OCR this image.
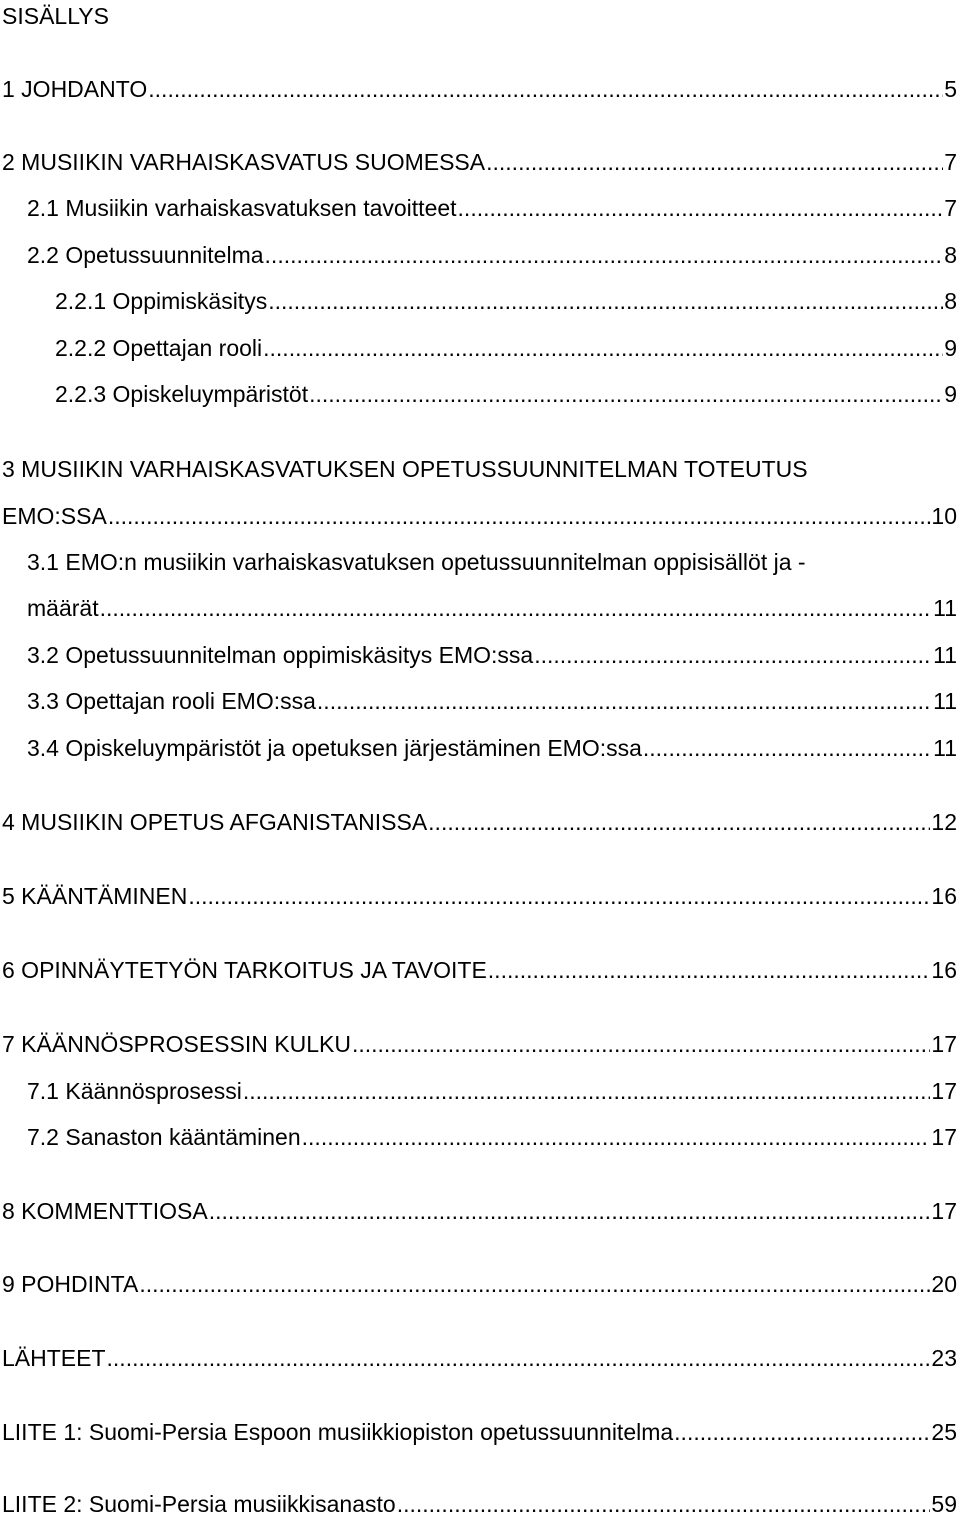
SISÄLLYS
1 JOHDANTO .....	5
2 MUSIIKIN VARHAISKASVATUS SUOMESSA .....	7
2.1 Musiikin varhaiskasvatuksen tavoitteet .....	7
2.2 Opetussuunnitelma .....	8
2.2.1 Oppimiskäsitys .....	8
2.2.2 Opettajan rooli .....	9
2.2.3 Opiskeluympäristöt .....	9
3 MUSIIKIN VARHAISKASVATUKSEN OPETUSSUUNNITELMAN TOTEUTUS
EMO:SSA .....	10
3.1 EMO:n musiikin varhaiskasvatuksen opetussuunnitelman oppisisällöt ja -
määrät .....	11
3.2 Opetussuunnitelman oppimiskäsitys EMO:ssa .....	11
3.3 Opettajan rooli EMO:ssa .....	11
3.4 Opiskeluympäristöt ja opetuksen järjestäminen EMO:ssa .....	11
4 MUSIIKIN OPETUS AFGANISTANISSA .....	12
5 KÄÄNTÄMINEN .....	16
6 OPINNÄYTETYÖN TARKOITUS JA TAVOITE .....	16
7 KÄÄNNÖSPROSESSIN KULKU .....	17
7.1 Käännösprosessi .....	17
7.2 Sanaston kääntäminen .....	17
8 KOMMENTTIOSA .....	17
9 POHDINTA .....	20
LÄHTEET .....	23
LIITE 1: Suomi-Persia Espoon musiikkiopiston opetussuunnitelma .....	25
LIITE 2: Suomi-Persia musiikkisanasto .....	59
